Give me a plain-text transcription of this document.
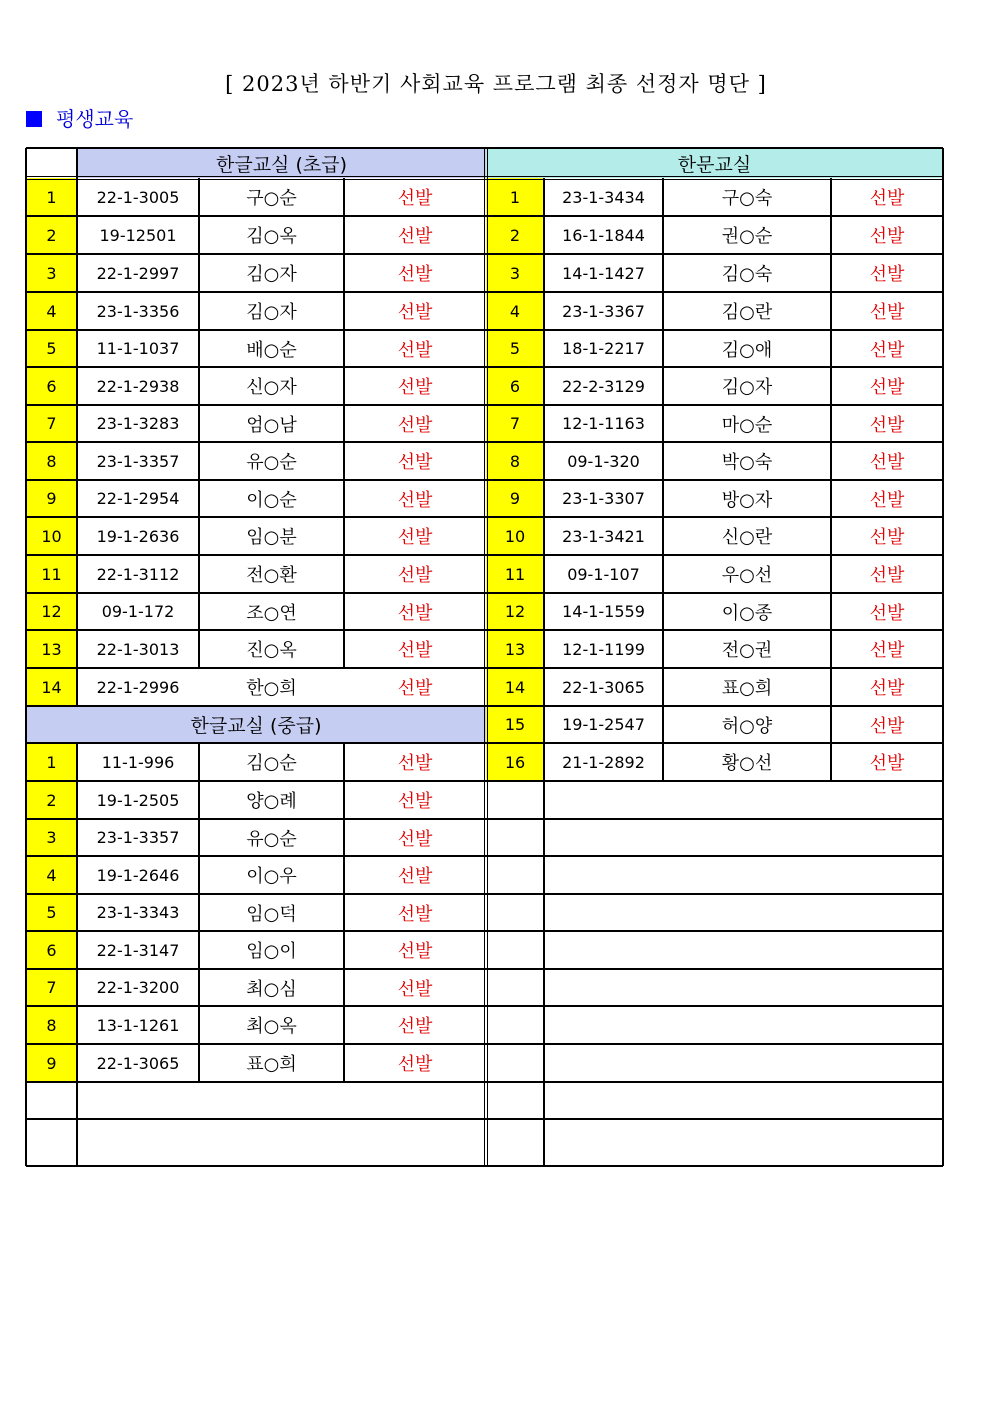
[ 2023년 하반기 사회교육 프로그램 최종 선정자 명단 ]
평생교육
한글교실 (초급)	한문교실
한글교실 (중급)
1	22-1-3005	구○순	선발
2	19-12501	김○옥	선발
3	22-1-2997	김○자	선발
4	23-1-3356	김○자	선발
5	11-1-1037	배○순	선발
6	22-1-2938	신○자	선발
7	23-1-3283	엄○남	선발
8	23-1-3357	유○순	선발
9	22-1-2954	이○순	선발
10	19-1-2636	임○분	선발
11	22-1-3112	전○환	선발
12	09-1-172	조○연	선발
13	22-1-3013	진○옥	선발
14	22-1-2996	한○희	선발
1	11-1-996	김○순	선발
2	19-1-2505	양○례	선발
3	23-1-3357	유○순	선발
4	19-1-2646	이○우	선발
5	23-1-3343	임○덕	선발
6	22-1-3147	임○이	선발
7	22-1-3200	최○심	선발
8	13-1-1261	최○옥	선발
9	22-1-3065	표○희	선발
1	23-1-3434	구○숙	선발
2	16-1-1844	권○순	선발
3	14-1-1427	김○숙	선발
4	23-1-3367	김○란	선발
5	18-1-2217	김○애	선발
6	22-2-3129	김○자	선발
7	12-1-1163	마○순	선발
8	09-1-320	박○숙	선발
9	23-1-3307	방○자	선발
10	23-1-3421	신○란	선발
11	09-1-107	우○선	선발
12	14-1-1559	이○종	선발
13	12-1-1199	전○권	선발
14	22-1-3065	표○희	선발
15	19-1-2547	허○양	선발
16	21-1-2892	황○선	선발
